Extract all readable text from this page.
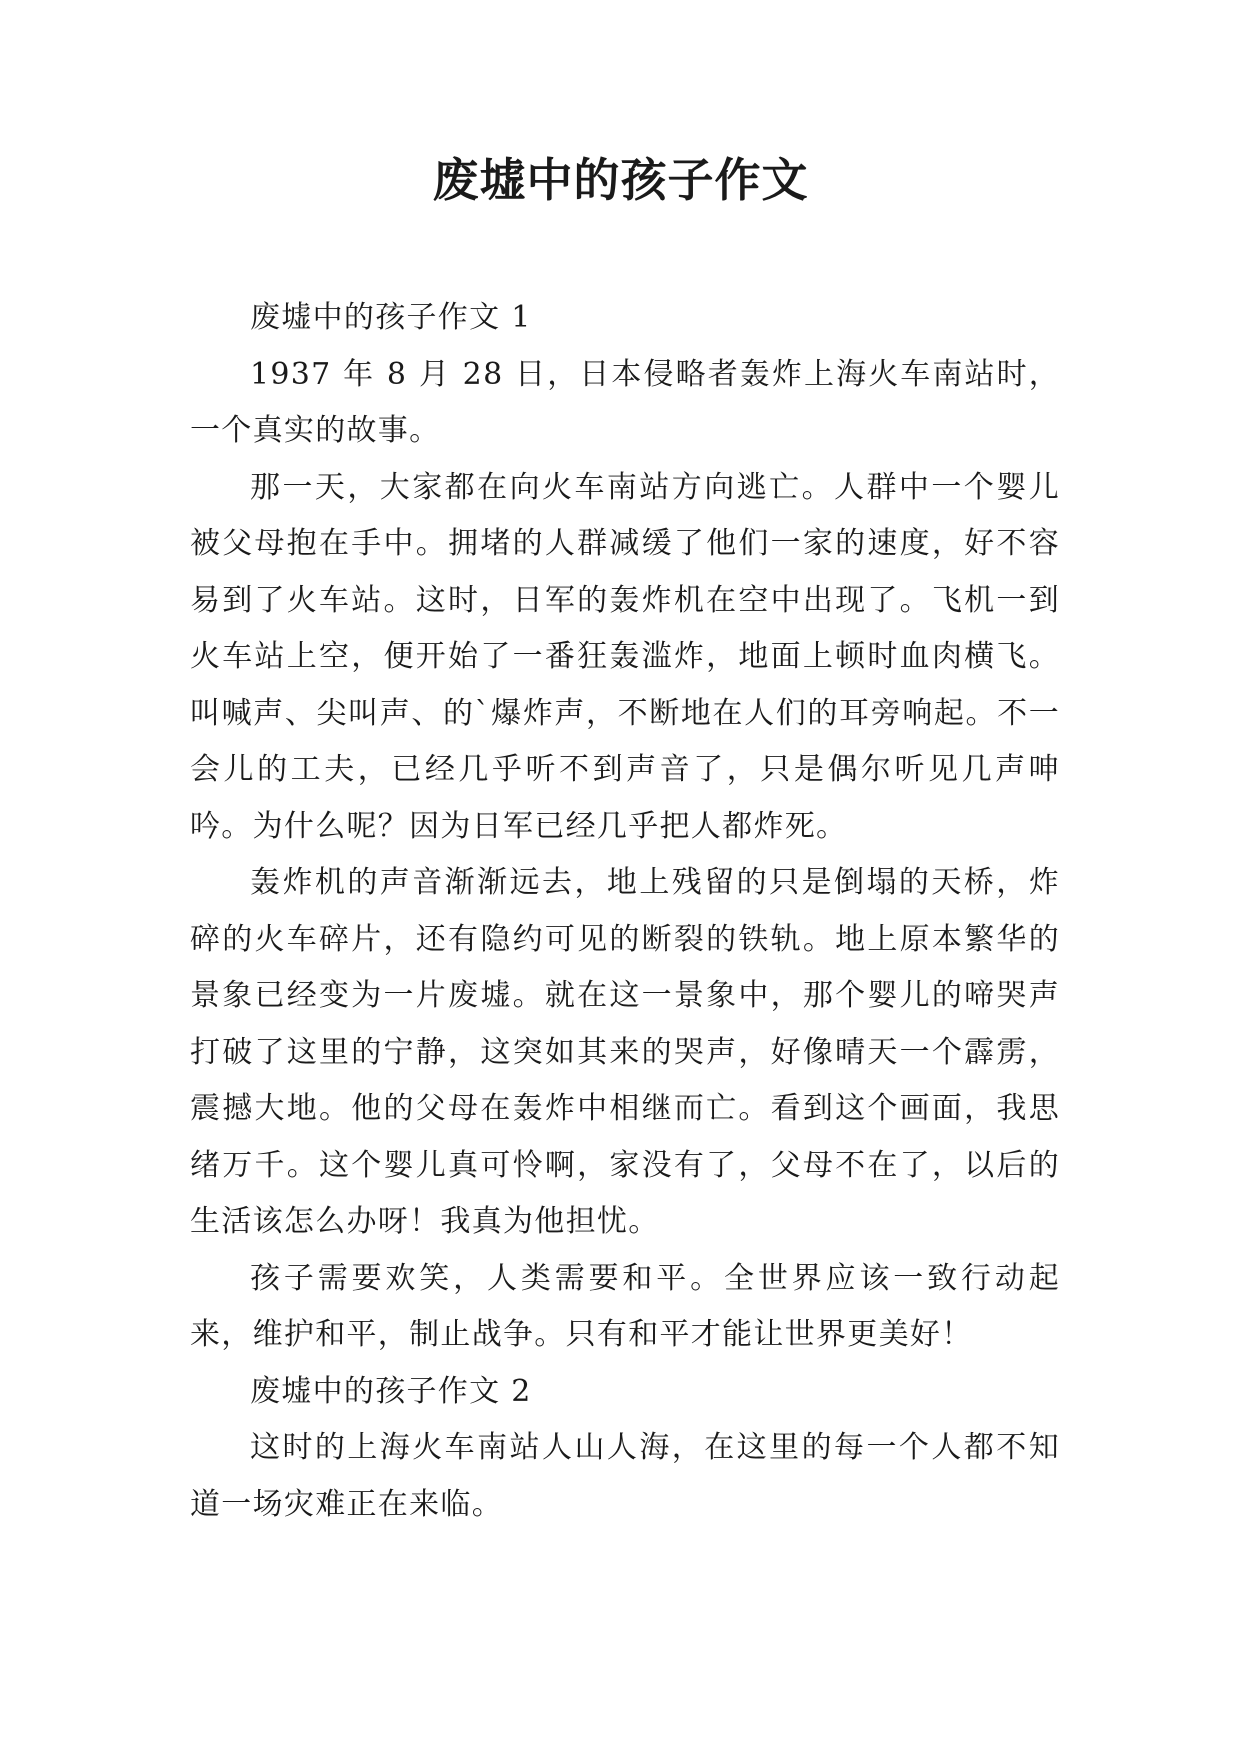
废墟中的孩子作文

废墟中的孩子作文 1

1937 年 8 月 28 日，日本侵略者轰炸上海火车南站时，一个真实的故事。

那一天，大家都在向火车南站方向逃亡。人群中一个婴儿被父母抱在手中。拥堵的人群减缓了他们一家的速度，好不容易到了火车站。这时，日军的轰炸机在空中出现了。飞机一到火车站上空，便开始了一番狂轰滥炸，地面上顿时血肉横飞。叫喊声、尖叫声、的`爆炸声，不断地在人们的耳旁响起。不一会儿的工夫，已经几乎听不到声音了，只是偶尔听见几声呻吟。为什么呢？因为日军已经几乎把人都炸死。

轰炸机的声音渐渐远去，地上残留的只是倒塌的天桥，炸碎的火车碎片，还有隐约可见的断裂的铁轨。地上原本繁华的景象已经变为一片废墟。就在这一景象中，那个婴儿的啼哭声打破了这里的宁静，这突如其来的哭声，好像晴天一个霹雳，震撼大地。他的父母在轰炸中相继而亡。看到这个画面，我思绪万千。这个婴儿真可怜啊，家没有了，父母不在了，以后的生活该怎么办呀！我真为他担忧。

孩子需要欢笑，人类需要和平。全世界应该一致行动起来，维护和平，制止战争。只有和平才能让世界更美好！

废墟中的孩子作文 2

这时的上海火车南站人山人海，在这里的每一个人都不知道一场灾难正在来临。
